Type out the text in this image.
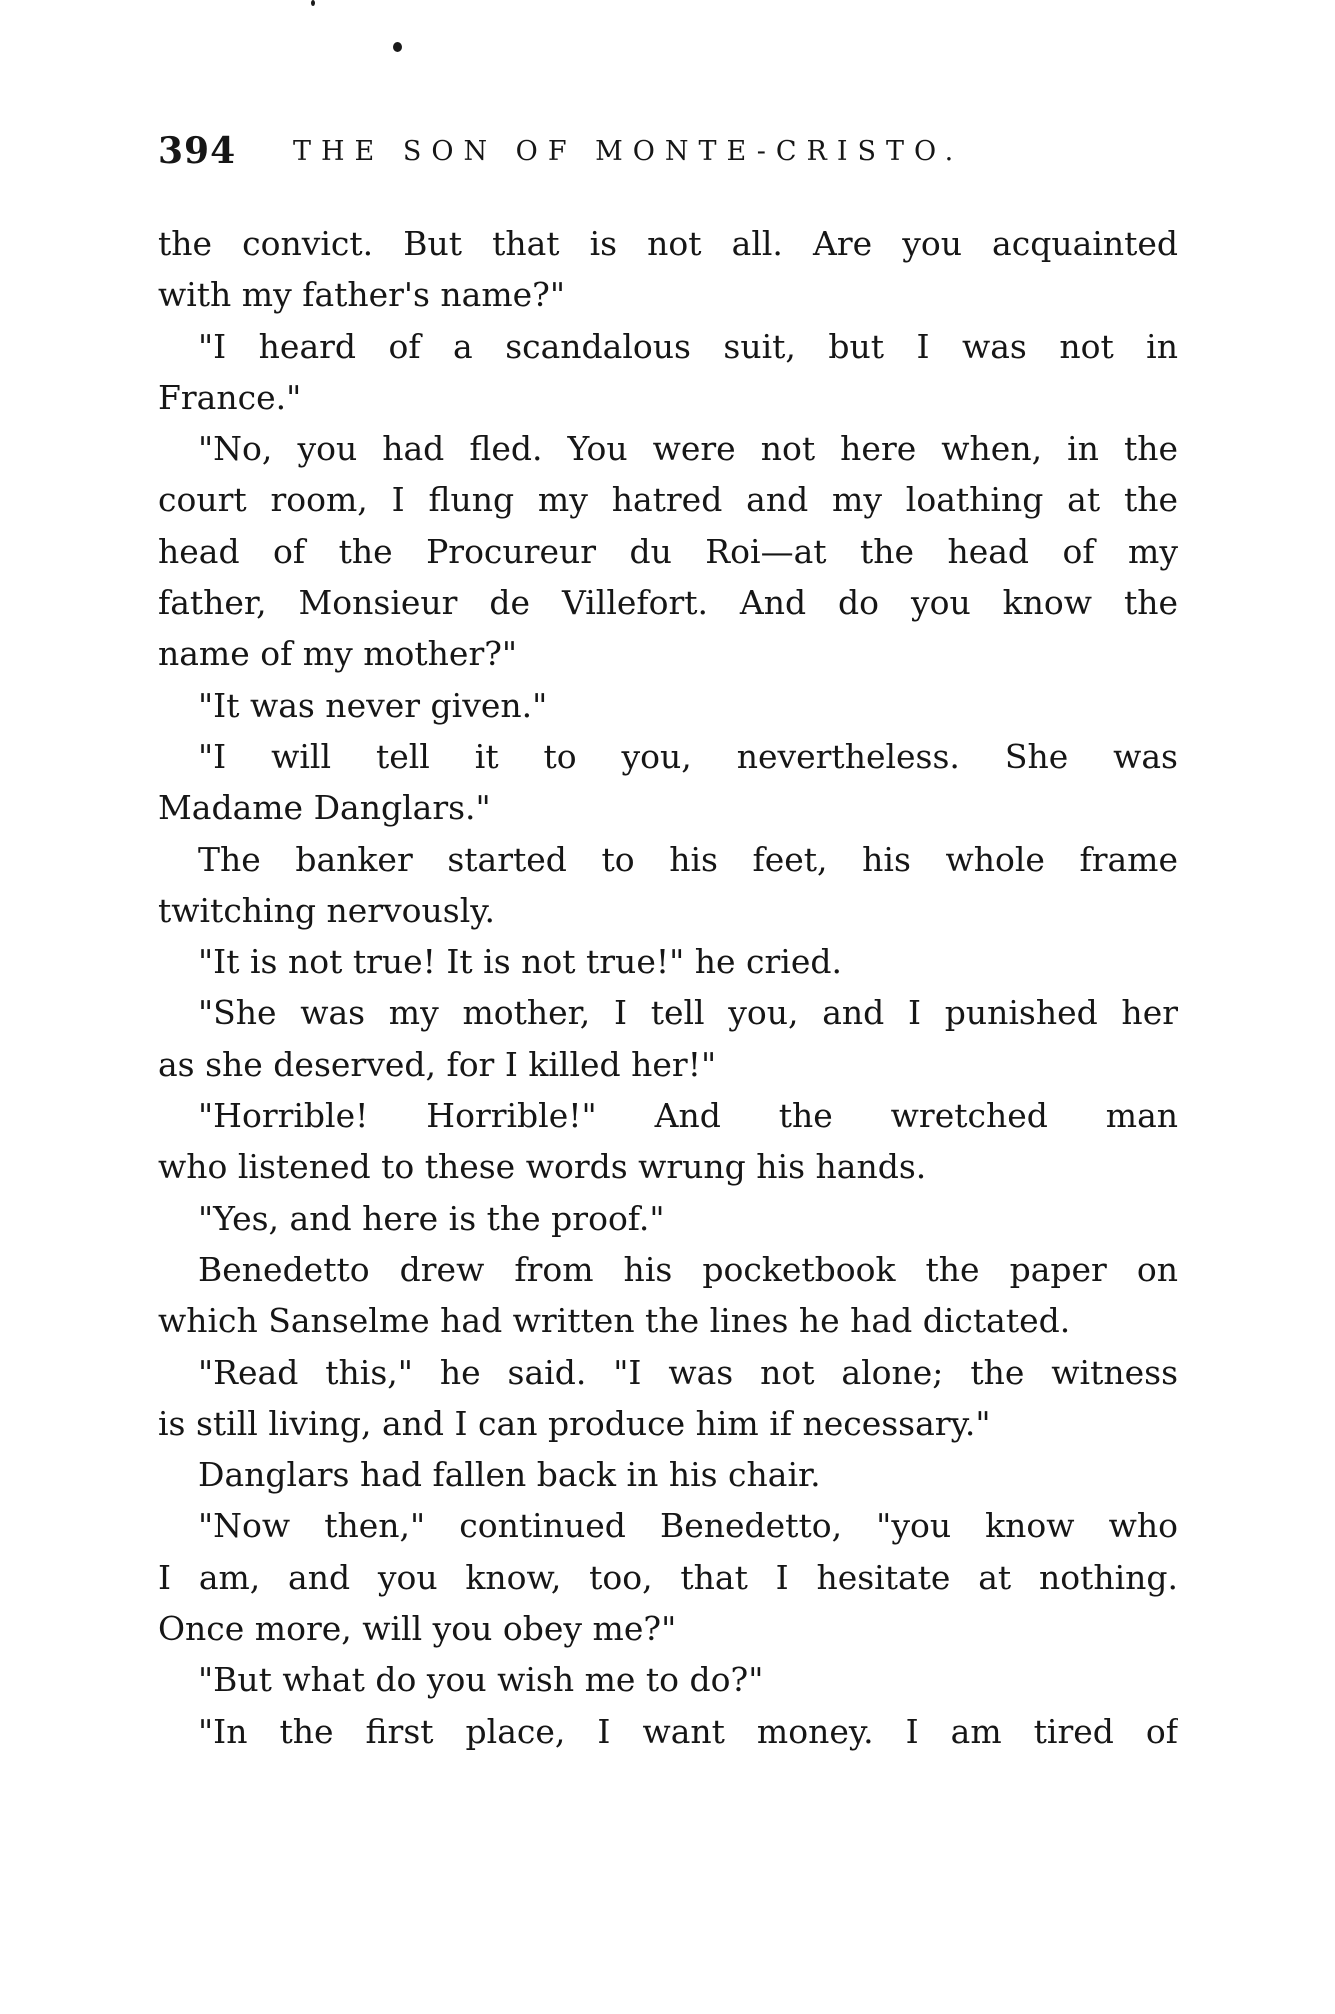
394 THE SON OF MONTE-CRISTO.
the convict. But that is not all. Are you acquainted
with my father's name?"
"I heard of a scandalous suit, but I was not in
France."
"No, you had fled. You were not here when, in the
court room, I flung my hatred and my loathing at the
head of the Procureur du Roi—at the head of my
father, Monsieur de Villefort. And do you know the
name of my mother?"
"It was never given."
"I will tell it to you, nevertheless. She was
Madame Danglars."
The banker started to his feet, his whole frame
twitching nervously.
"It is not true! It is not true!" he cried.
"She was my mother, I tell you, and I punished her
as she deserved, for I killed her!"
"Horrible! Horrible!" And the wretched man
who listened to these words wrung his hands.
"Yes, and here is the proof."
Benedetto drew from his pocketbook the paper on
which Sanselme had written the lines he had dictated.
"Read this," he said. "I was not alone; the witness
is still living, and I can produce him if necessary."
Danglars had fallen back in his chair.
"Now then," continued Benedetto, "you know who
I am, and you know, too, that I hesitate at nothing.
Once more, will you obey me?"
"But what do you wish me to do?"
"In the first place, I want money. I am tired of
